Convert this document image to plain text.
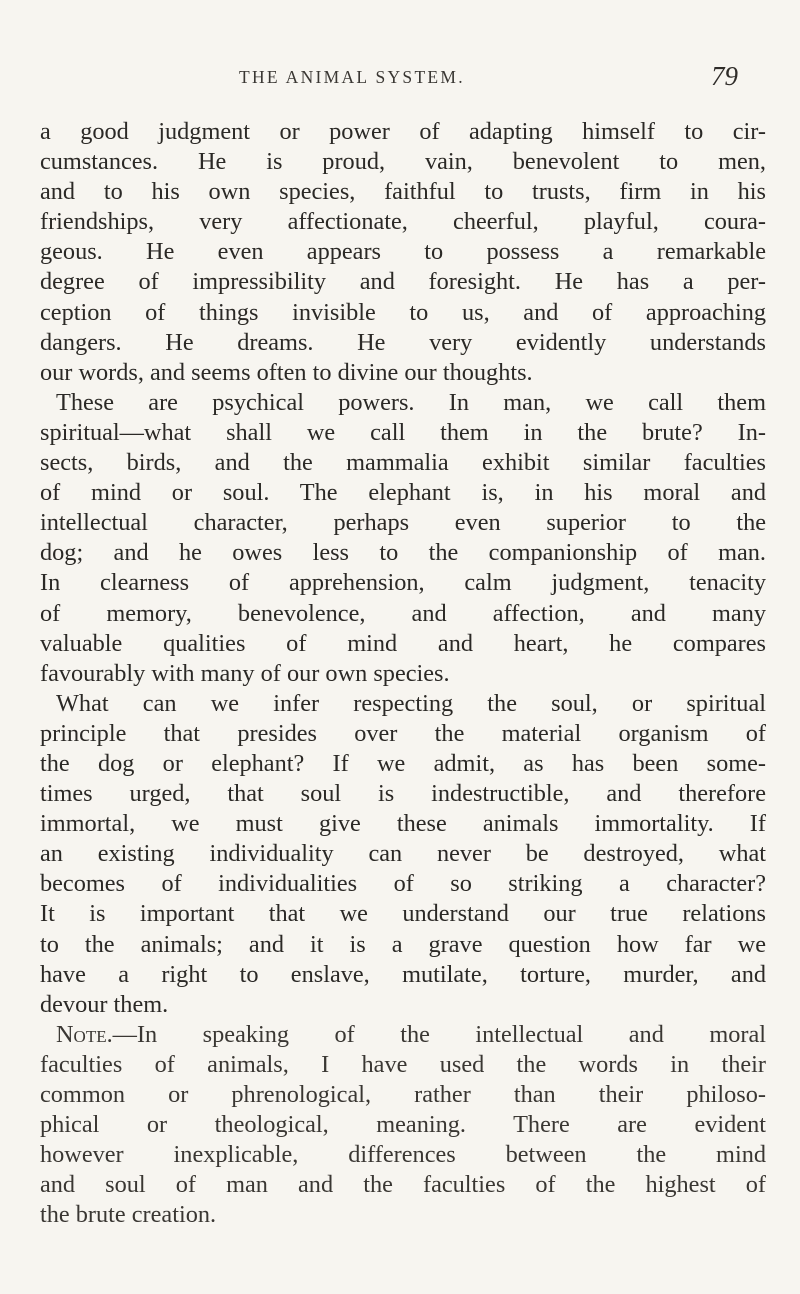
THE ANIMAL SYSTEM.	79
a good judgment or power of adapting himself to cir-
cumstances. He is proud, vain, benevolent to men,
and to his own species, faithful to trusts, firm in his
friendships, very affectionate, cheerful, playful, coura-
geous. He even appears to possess a remarkable
degree of impressibility and foresight. He has a per-
ception of things invisible to us, and of approaching
dangers. He dreams. He very evidently understands
our words, and seems often to divine our thoughts.
These are psychical powers. In man, we call them
spiritual—what shall we call them in the brute? In-
sects, birds, and the mammalia exhibit similar faculties
of mind or soul. The elephant is, in his moral and
intellectual character, perhaps even superior to the
dog; and he owes less to the companionship of man.
In clearness of apprehension, calm judgment, tenacity
of memory, benevolence, and affection, and many
valuable qualities of mind and heart, he compares
favourably with many of our own species.
What can we infer respecting the soul, or spiritual
principle that presides over the material organism of
the dog or elephant? If we admit, as has been some-
times urged, that soul is indestructible, and therefore
immortal, we must give these animals immortality. If
an existing individuality can never be destroyed, what
becomes of individualities of so striking a character?
It is important that we understand our true relations
to the animals; and it is a grave question how far we
have a right to enslave, mutilate, torture, murder, and
devour them.
Note.—In speaking of the intellectual and moral
faculties of animals, I have used the words in their
common or phrenological, rather than their philoso-
phical or theological, meaning. There are evident
however inexplicable, differences between the mind
and soul of man and the faculties of the highest of
the brute creation.
